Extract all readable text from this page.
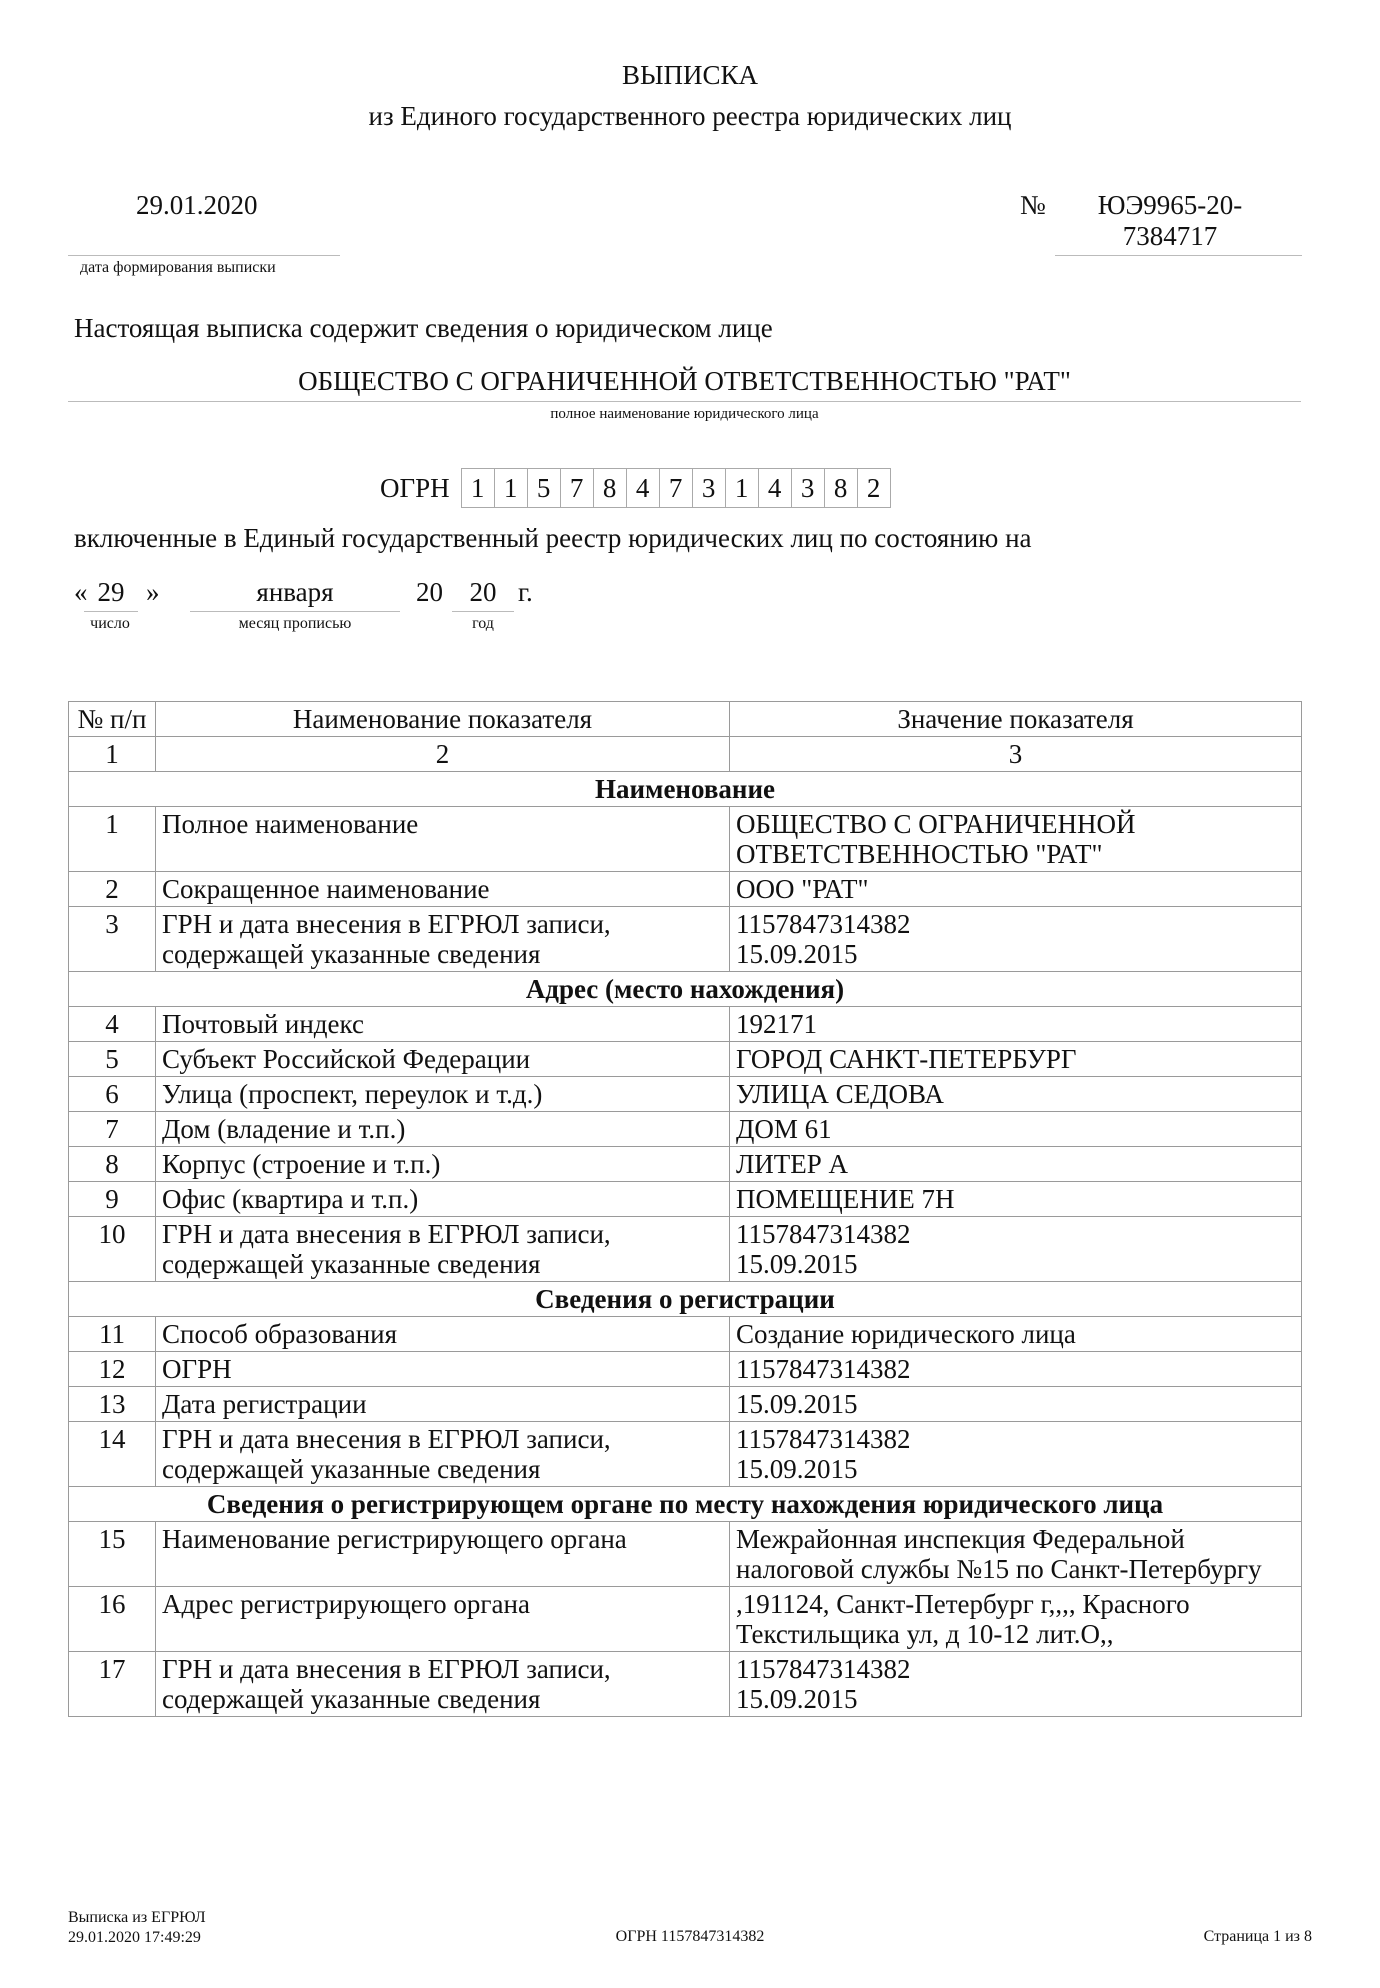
ВЫПИСКА
из Единого государственного реестра юридических лиц
29.01.2020
дата формирования выписки
№	ЮЭ9965-20-
7384717
Настоящая выписка содержит сведения о юридическом лице
ОБЩЕСТВО С ОГРАНИЧЕННОЙ ОТВЕТСТВЕННОСТЬЮ "РАТ"
полное наименование юридического лица
ОГРН 1 1 5 7 8 4 7 3 1 4 3 8 2
включенные в Единый государственный реестр юридических лиц по состоянию на
« 29 »	января	20 20 г.
число	месяц прописью	год
№ п/п	Наименование показателя	Значение показателя
1	2	3
Наименование		
1	Полное наименование	ОБЩЕСТВО С ОГРАНИЧЕННОЙ ОТВЕТСТВЕННОСТЬЮ "РАТ"
2	Сокращенное наименование	ООО "РАТ"
3	ГРН и дата внесения в ЕГРЮЛ записи, содержащей указанные сведения	1157847314382
15.09.2015
Адрес (место нахождения)		
4	Почтовый индекс	192171
5	Субъект Российской Федерации	ГОРОД САНКТ-ПЕТЕРБУРГ
6	Улица (проспект, переулок и т.д.)	УЛИЦА СЕДОВА
7	Дом (владение и т.п.)	ДОМ 61
8	Корпус (строение и т.п.)	ЛИТЕР А
9	Офис (квартира и т.п.)	ПОМЕЩЕНИЕ 7Н
10	ГРН и дата внесения в ЕГРЮЛ записи, содержащей указанные сведения	1157847314382
15.09.2015
Сведения о регистрации		
11	Способ образования	Создание юридического лица
12	ОГРН	1157847314382
13	Дата регистрации	15.09.2015
14	ГРН и дата внесения в ЕГРЮЛ записи, содержащей указанные сведения	1157847314382
15.09.2015
Сведения о регистрирующем органе по месту нахождения юридического лица		
15	Наименование регистрирующего органа	Межрайонная инспекция Федеральной налоговой службы №15 по Санкт-Петербургу
16	Адрес регистрирующего органа	,191124, Санкт-Петербург г,,,, Красного Текстильщика ул, д 10-12 лит.О,,
17	ГРН и дата внесения в ЕГРЮЛ записи, содержащей указанные сведения	1157847314382
15.09.2015
Выписка из ЕГРЮЛ
29.01.2020 17:49:29	ОГРН 1157847314382	Страница 1 из 8
